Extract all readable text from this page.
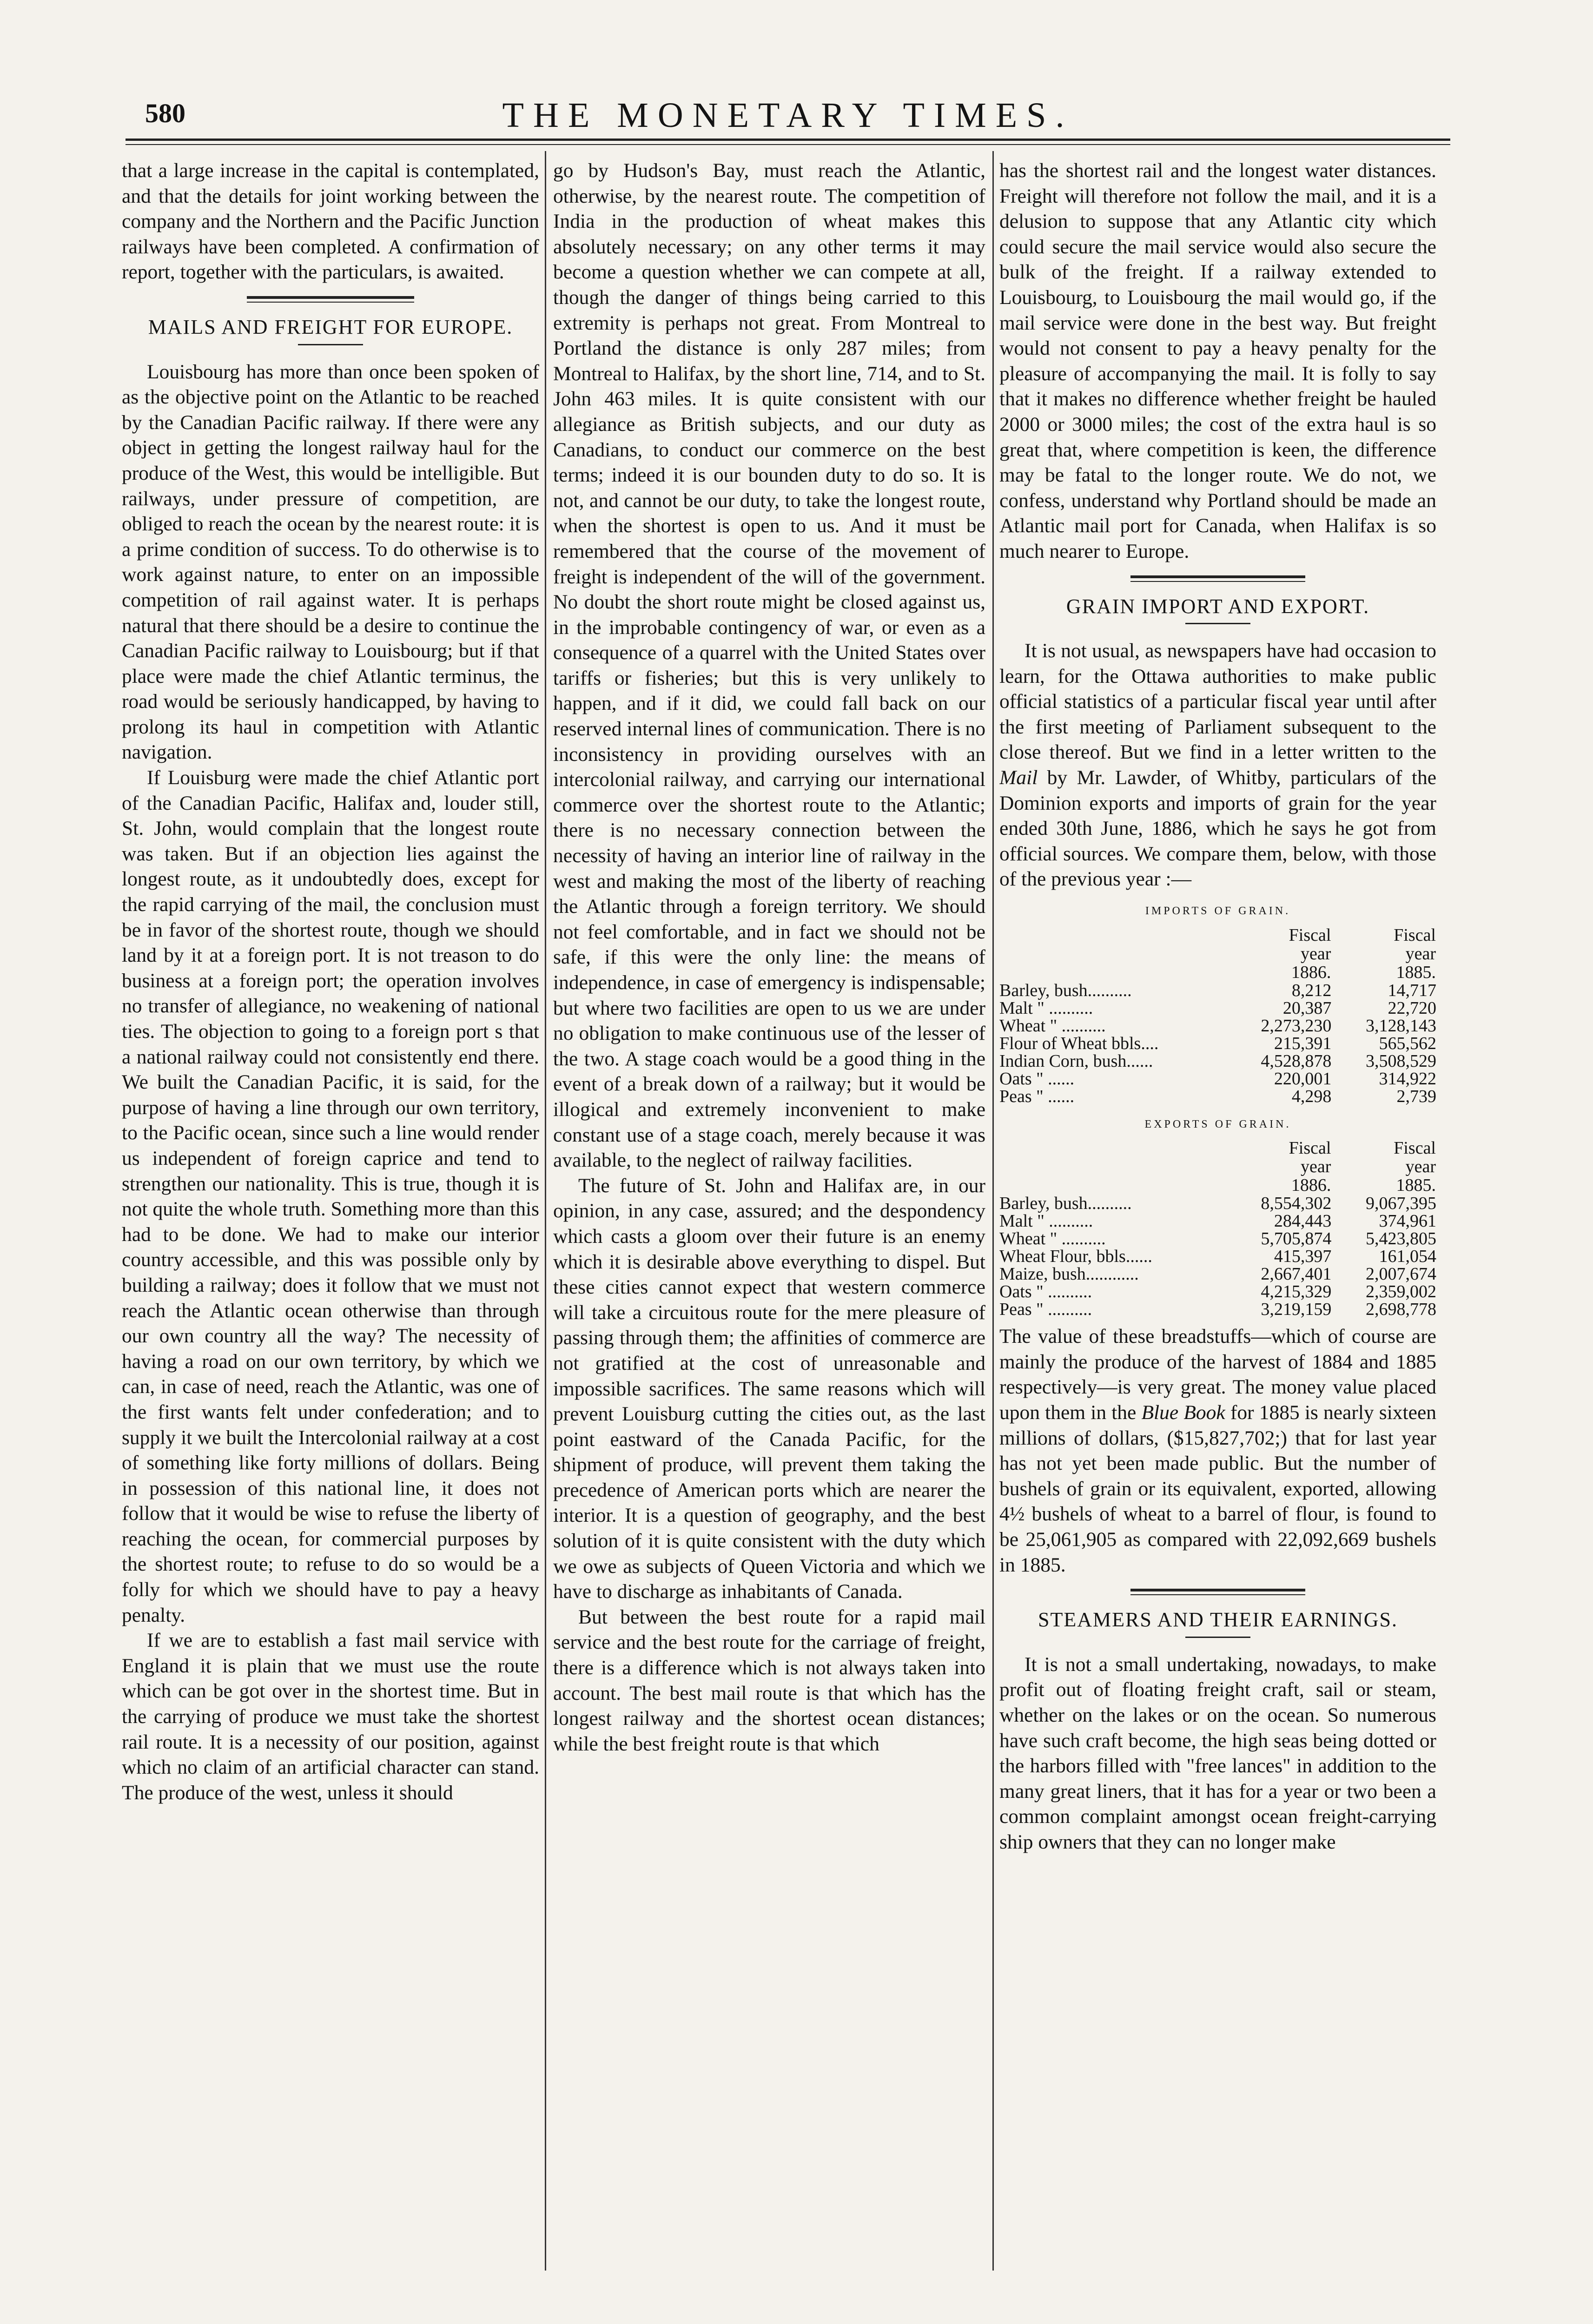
580	THE MONETARY TIMES.

that a large increase in the capital is contemplated, and that the details for joint working between the company and the Northern and the Pacific Junction railways have been completed. A confirmation of report, together with the particulars, is awaited.

MAILS AND FREIGHT FOR EUROPE.

Louisbourg has more than once been spoken of as the objective point on the Atlantic to be reached by the Canadian Pacific railway. If there were any object in getting the longest railway haul for the produce of the West, this would be intelligible. But railways, under pressure of competition, are obliged to reach the ocean by the nearest route: it is a prime condition of success. To do otherwise is to work against nature, to enter on an impossible competition of rail against water. It is perhaps natural that there should be a desire to continue the Canadian Pacific railway to Louisbourg; but if that place were made the chief Atlantic terminus, the road would be seriously handicapped, by having to prolong its haul in competition with Atlantic navigation.

If Louisburg were made the chief Atlantic port of the Canadian Pacific, Halifax and, louder still, St. John, would complain that the longest route was taken. But if an objection lies against the longest route, as it undoubtedly does, except for the rapid carrying of the mail, the conclusion must be in favor of the shortest route, though we should land by it at a foreign port. It is not treason to do business at a foreign port; the operation involves no transfer of allegiance, no weakening of national ties. The objection to going to a foreign port s that a national railway could not consistently end there. We built the Canadian Pacific, it is said, for the purpose of having a line through our own territory, to the Pacific ocean, since such a line would render us independent of foreign caprice and tend to strengthen our nationality. This is true, though it is not quite the whole truth. Something more than this had to be done. We had to make our interior country accessible, and this was possible only by building a railway; does it follow that we must not reach the Atlantic ocean otherwise than through our own country all the way? The necessity of having a road on our own territory, by which we can, in case of need, reach the Atlantic, was one of the first wants felt under confederation; and to supply it we built the Intercolonial railway at a cost of something like forty millions of dollars. Being in possession of this national line, it does not follow that it would be wise to refuse the liberty of reaching the ocean, for commercial purposes by the shortest route; to refuse to do so would be a folly for which we should have to pay a heavy penalty.

If we are to establish a fast mail service with England it is plain that we must use the route which can be got over in the shortest time. But in the carrying of produce we must take the shortest rail route. It is a necessity of our position, against which no claim of an artificial character can stand. The produce of the west, unless it should

go by Hudson's Bay, must reach the Atlantic, otherwise, by the nearest route. The competition of India in the production of wheat makes this absolutely necessary; on any other terms it may become a question whether we can compete at all, though the danger of things being carried to this extremity is perhaps not great. From Montreal to Portland the distance is only 287 miles; from Montreal to Halifax, by the short line, 714, and to St. John 463 miles. It is quite consistent with our allegiance as British subjects, and our duty as Canadians, to conduct our commerce on the best terms; indeed it is our bounden duty to do so. It is not, and cannot be our duty, to take the longest route, when the shortest is open to us. And it must be remembered that the course of the movement of freight is independent of the will of the government. No doubt the short route might be closed against us, in the improbable contingency of war, or even as a consequence of a quarrel with the United States over tariffs or fisheries; but this is very unlikely to happen, and if it did, we could fall back on our reserved internal lines of communication. There is no inconsistency in providing ourselves with an intercolonial railway, and carrying our international commerce over the shortest route to the Atlantic; there is no necessary connection between the necessity of having an interior line of railway in the west and making the most of the liberty of reaching the Atlantic through a foreign territory. We should not feel comfortable, and in fact we should not be safe, if this were the only line: the means of independence, in case of emergency is indispensable; but where two facilities are open to us we are under no obligation to make continuous use of the lesser of the two. A stage coach would be a good thing in the event of a break down of a railway; but it would be illogical and extremely inconvenient to make constant use of a stage coach, merely because it was available, to the neglect of railway facilities.

The future of St. John and Halifax are, in our opinion, in any case, assured; and the despondency which casts a gloom over their future is an enemy which it is desirable above everything to dispel. But these cities cannot expect that western commerce will take a circuitous route for the mere pleasure of passing through them; the affinities of commerce are not gratified at the cost of unreasonable and impossible sacrifices. The same reasons which will prevent Louisburg cutting the cities out, as the last point eastward of the Canada Pacific, for the shipment of produce, will prevent them taking the precedence of American ports which are nearer the interior. It is a question of geography, and the best solution of it is quite consistent with the duty which we owe as subjects of Queen Victoria and which we have to discharge as inhabitants of Canada.

But between the best route for a rapid mail service and the best route for the carriage of freight, there is a difference which is not always taken into account. The best mail route is that which has the longest railway and the shortest ocean distances; while the best freight route is that which

has the shortest rail and the longest water distances. Freight will therefore not follow the mail, and it is a delusion to suppose that any Atlantic city which could secure the mail service would also secure the bulk of the freight. If a railway extended to Louisbourg, to Louisbourg the mail would go, if the mail service were done in the best way. But freight would not consent to pay a heavy penalty for the pleasure of accompanying the mail. It is folly to say that it makes no difference whether freight be hauled 2000 or 3000 miles; the cost of the extra haul is so great that, where competition is keen, the difference may be fatal to the longer route. We do not, we confess, understand why Portland should be made an Atlantic mail port for Canada, when Halifax is so much nearer to Europe.

GRAIN IMPORT AND EXPORT.

It is not usual, as newspapers have had occasion to learn, for the Ottawa authorities to make public official statistics of a particular fiscal year until after the first meeting of Parliament subsequent to the close thereof. But we find in a letter written to the Mail by Mr. Lawder, of Whitby, particulars of the Dominion exports and imports of grain for the year ended 30th June, 1886, which he says he got from official sources. We compare them, below, with those of the previous year :—

IMPORTS OF GRAIN.
	Fiscal	Fiscal
	year	year
	1886.	1885.
Barley, bush..........	8,212	14,717
Malt " ..........	20,387	22,720
Wheat " ..........	2,273,230	3,128,143
Flour of Wheat bbls....	215,391	565,562
Indian Corn, bush......	4,528,878	3,508,529
Oats " ......	220,001	314,922
Peas " ......	4,298	2,739
EXPORTS OF GRAIN.
	Fiscal	Fiscal
	year	year
	1886.	1885.
Barley, bush..........	8,554,302	9,067,395
Malt " ..........	284,443	374,961
Wheat " ..........	5,705,874	5,423,805
Wheat Flour, bbls......	415,397	161,054
Maize, bush............	2,667,401	2,007,674
Oats " ..........	4,215,329	2,359,002
Peas " ..........	3,219,159	2,698,778

The value of these breadstuffs—which of course are mainly the produce of the harvest of 1884 and 1885 respectively—is very great. The money value placed upon them in the Blue Book for 1885 is nearly sixteen millions of dollars, ($15,827,702;) that for last year has not yet been made public. But the number of bushels of grain or its equivalent, exported, allowing 4½ bushels of wheat to a barrel of flour, is found to be 25,061,905 as compared with 22,092,669 bushels in 1885.

STEAMERS AND THEIR EARNINGS.

It is not a small undertaking, nowadays, to make profit out of floating freight craft, sail or steam, whether on the lakes or on the ocean. So numerous have such craft become, the high seas being dotted or the harbors filled with "free lances" in addition to the many great liners, that it has for a year or two been a common complaint amongst ocean freight-carrying ship owners that they can no longer make
